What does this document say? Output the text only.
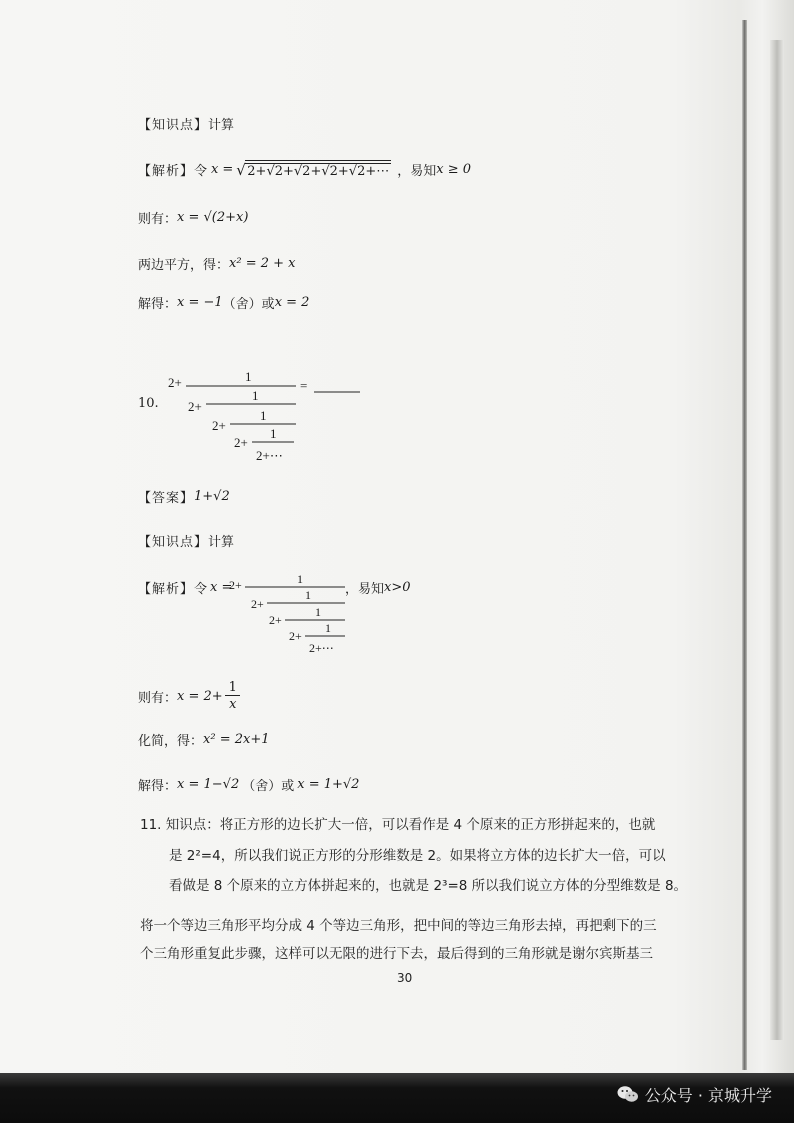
【知识点】 计算
【解析】 令 x =
√ 2+√2+√2+√2+√2+⋯ ，易知 x ≥ 0
则有： x = √(2+x)
两边平方，得： x² = 2 + x
解得： x = −1 （舍）或 x = 2
10.
2+	1
=
2+
1
2+
1
2+
1
2+⋯
【答案】 1+√2
【知识点】 计算
【解析】 令 x =
2+	1
2+
1
2+
1
2+
1
2+⋯
，易知 x>0
则有： $x = 2+ \frac{1}{x}$
化简，得： x² = 2x+1
解得： x = 1−√2 （舍）或 x = 1+√2
11. 知识点：将正方形的边长扩大一倍，可以看作是 4 个原来的正方形拼起来的，也就
是 2²=4，所以我们说正方形的分形维数是 2。如果将立方体的边长扩大一倍，可以
看做是 8 个原来的立方体拼起来的，也就是 2³=8 所以我们说立方体的分型维数是 8。
将一个等边三角形平均分成 4 个等边三角形，把中间的等边三角形去掉，再把剩下的三
个三角形重复此步骤，这样可以无限的进行下去，最后得到的三角形就是谢尔宾斯基三
30
公众号 · 京城升学
